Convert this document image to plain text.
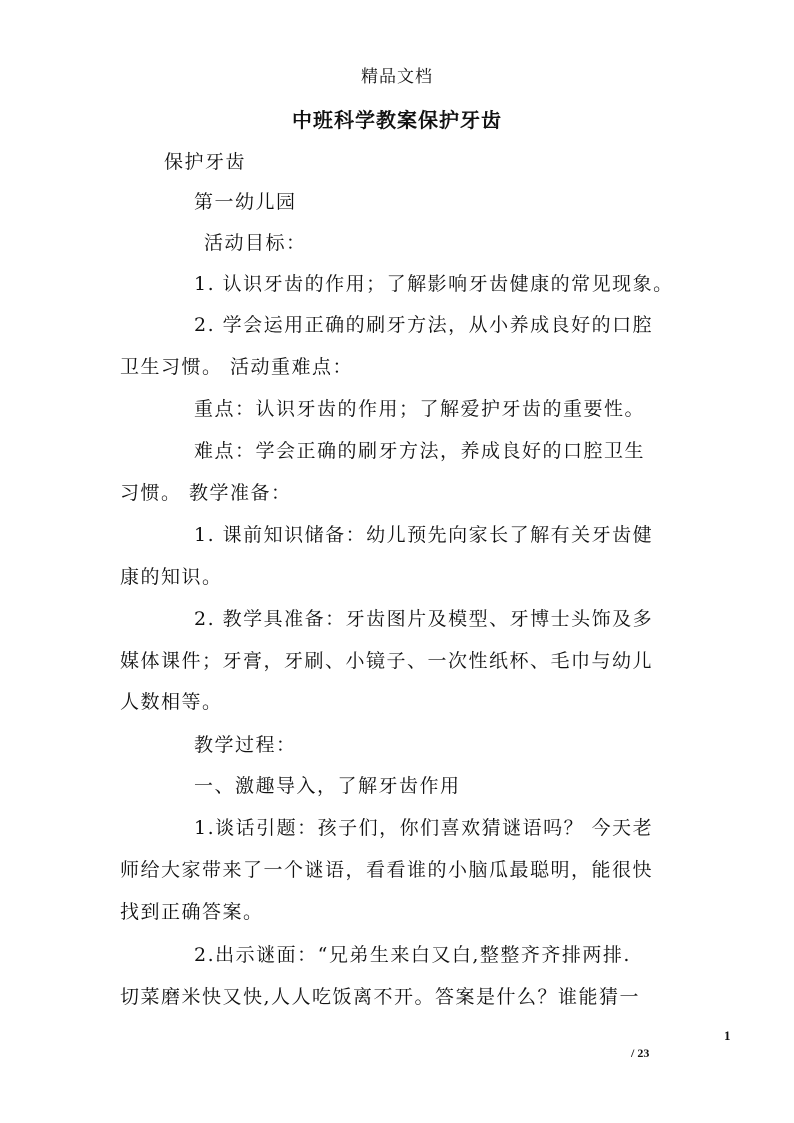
精品文档
中班科学教案保护牙齿
保护牙齿
第一幼儿园
活动目标：
1. 认识牙齿的作用；了解影响牙齿健康的常见现象。
2. 学会运用正确的刷牙方法，从小养成良好的口腔
卫生习惯。 活动重难点：
重点：认识牙齿的作用；了解爱护牙齿的重要性。
难点：学会正确的刷牙方法，养成良好的口腔卫生
习惯。 教学准备：
1. 课前知识储备：幼儿预先向家长了解有关牙齿健
康的知识。
2. 教学具准备：牙齿图片及模型、牙博士头饰及多
媒体课件；牙膏，牙刷、小镜子、一次性纸杯、毛巾与幼儿
人数相等。
教学过程：
一、激趣导入，了解牙齿作用
1.谈话引题：孩子们，你们喜欢猜谜语吗？ 今天老
师给大家带来了一个谜语，看看谁的小脑瓜最聪明，能很快
找到正确答案。
2.出示谜面：“兄弟生来白又白,整整齐齐排两排.
切菜磨米快又快,人人吃饭离不开。答案是什么？谁能猜一
1
/ 23
